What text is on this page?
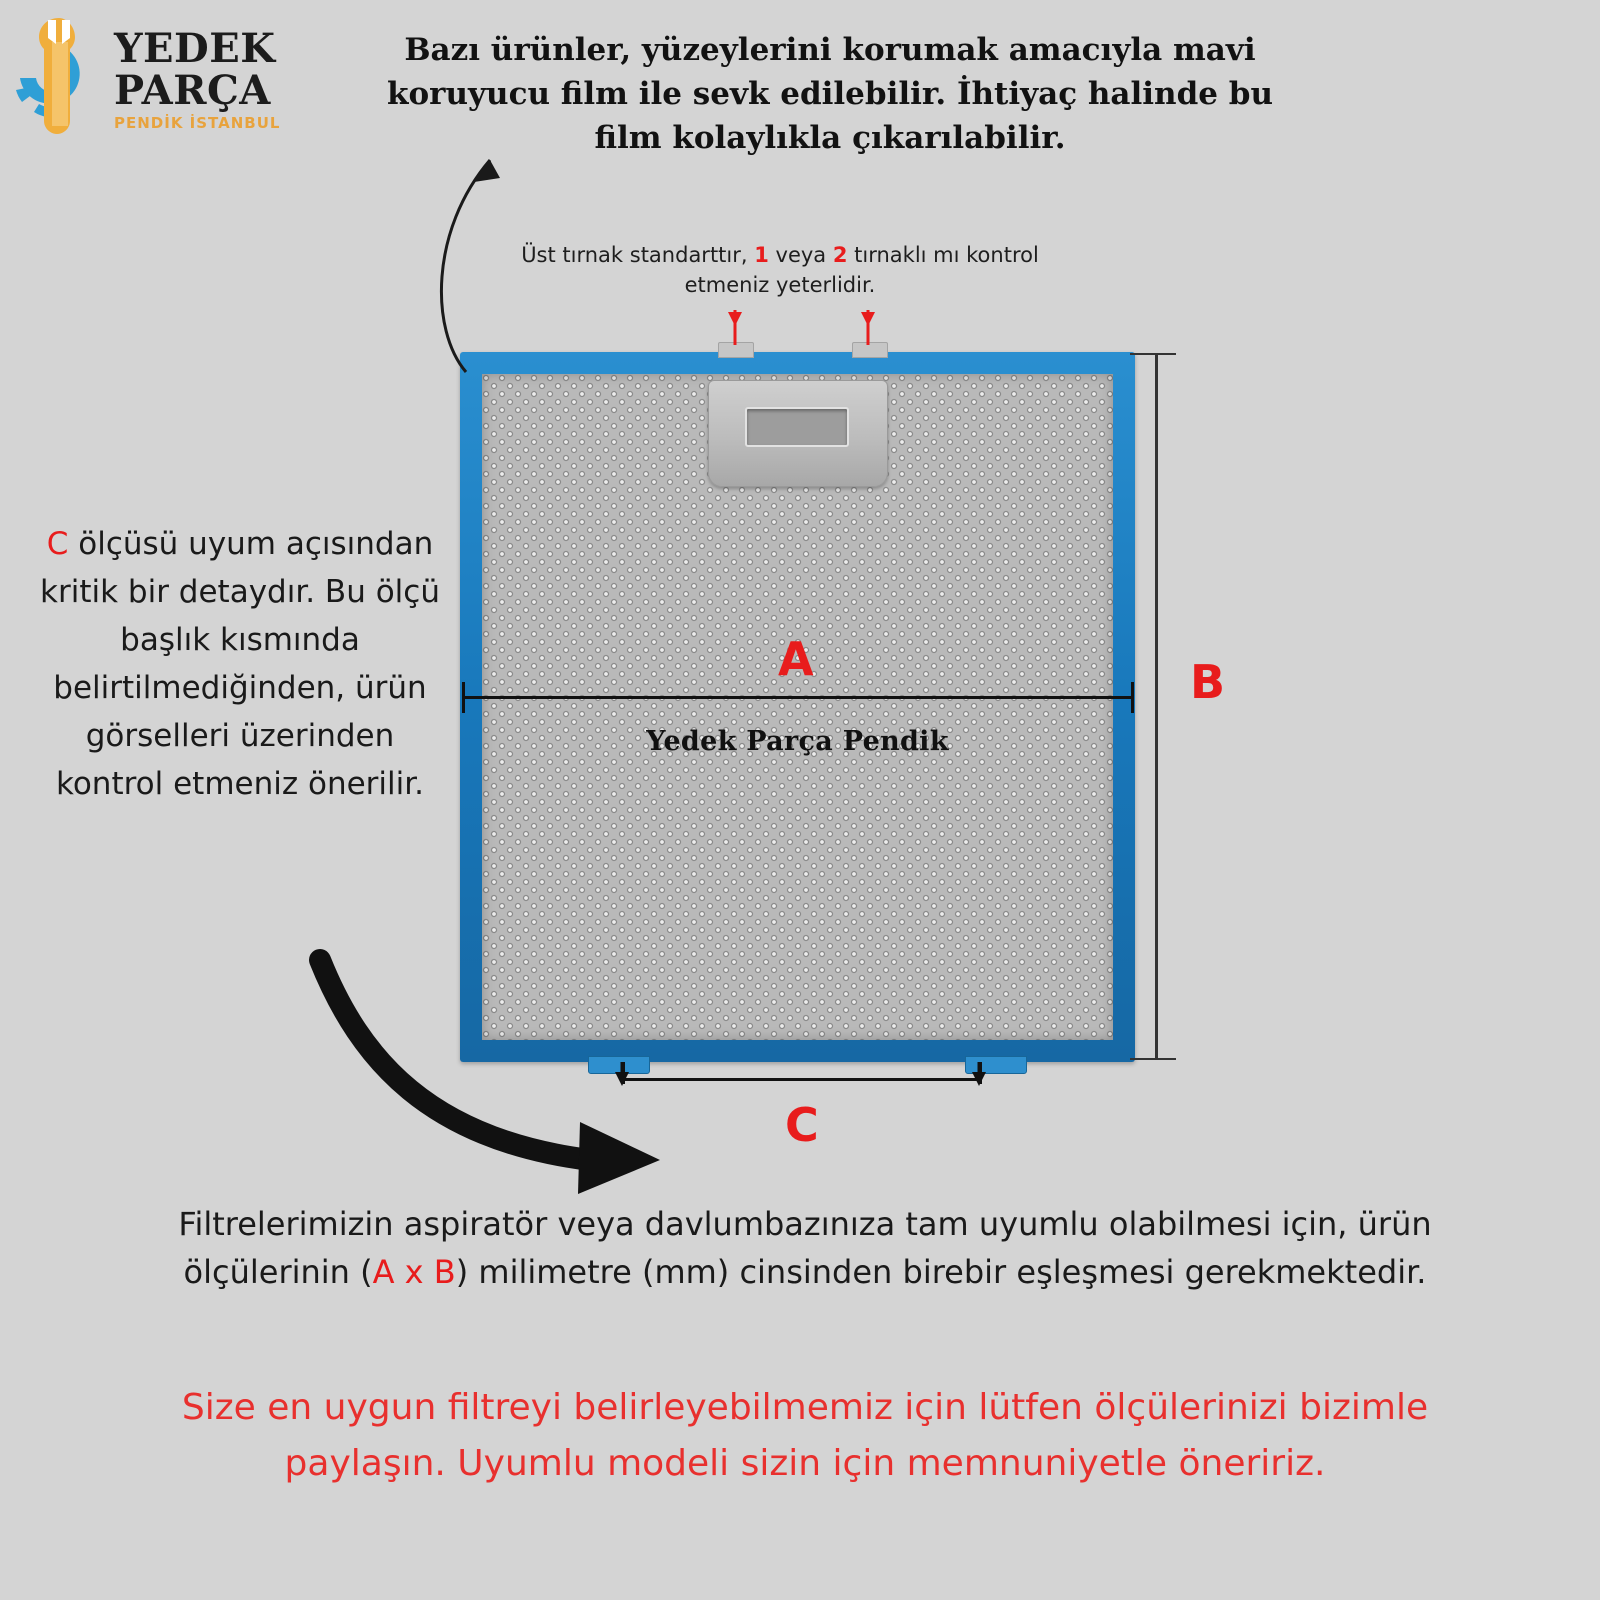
YEDEK
PARÇA
PENDİK İSTANBUL
Bazı ürünler, yüzeylerini korumak amacıyla mavi koruyucu film ile sevk edilebilir. İhtiyaç halinde bu film kolaylıkla çıkarılabilir.
Üst tırnak standarttır, 1 veya 2 tırnaklı mı kontrol etmeniz yeterlidir.
C ölçüsü uyum açısından kritik bir detaydır. Bu ölçü başlık kısmında belirtilmediğinden, ürün görselleri üzerinden kontrol etmeniz önerilir.
Yedek Parça Pendik
A	B
C
Filtrelerimizin aspiratör veya davlumbazınıza tam uyumlu olabilmesi için, ürün ölçülerinin (A x B) milimetre (mm) cinsinden birebir eşleşmesi gerekmektedir.
Size en uygun filtreyi belirleyebilmemiz için lütfen ölçülerinizi bizimle paylaşın. Uyumlu modeli sizin için memnuniyetle öneririz.
